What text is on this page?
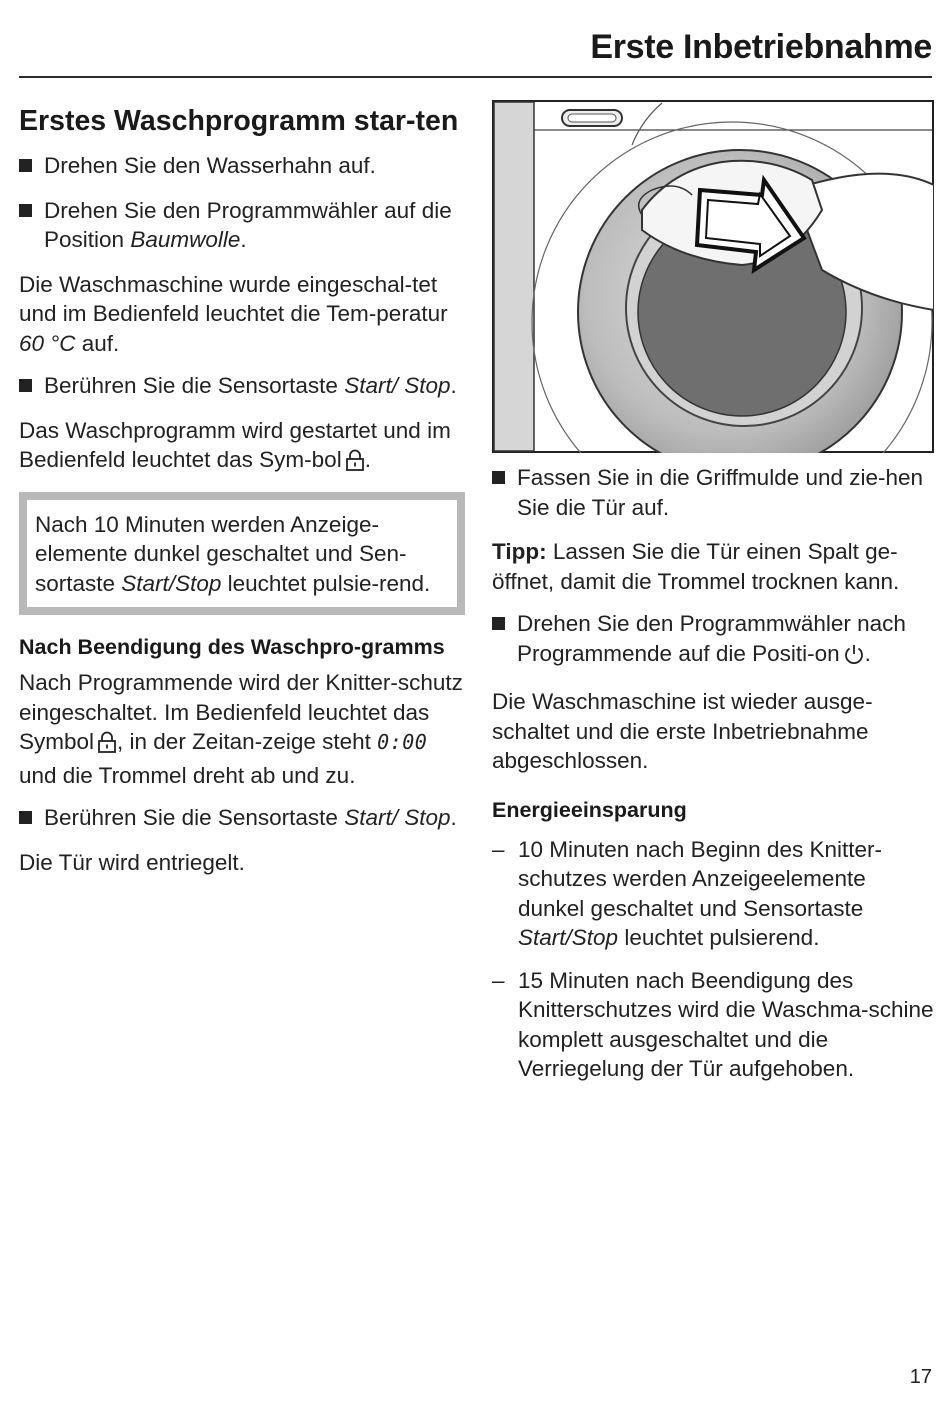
Erste Inbetriebnahme
Erstes Waschprogramm star-ten
Drehen Sie den Wasserhahn auf.
Drehen Sie den Programmwähler auf die Position Baumwolle.

Die Waschmaschine wurde eingeschal-tet und im Bedienfeld leuchtet die Tem-peratur 60 °C auf.

Berühren Sie die Sensortaste Start/ Stop.

Das Waschprogramm wird gestartet und im Bedienfeld leuchtet das Sym-bol .

Nach 10 Minuten werden Anzeige-elemente dunkel geschaltet und Sen-sortaste Start/Stop leuchtet pulsie-rend.
Nach Beendigung des Waschpro-gramms

Nach Programmende wird der Knitter-schutz eingeschaltet. Im Bedienfeld leuchtet das Symbol , in der Zeitan-zeige steht 0:00 und die Trommel dreht ab und zu.

Berühren Sie die Sensortaste Start/ Stop.

Die Tür wird entriegelt.

Fassen Sie in die Griffmulde und zie-hen Sie die Tür auf.

Tipp: Lassen Sie die Tür einen Spalt ge-öffnet, damit die Trommel trocknen kann.

Drehen Sie den Programmwähler nach Programmende auf die Positi-on .

Die Waschmaschine ist wieder ausge-schaltet und die erste Inbetriebnahme abgeschlossen.

Energieeinsparung
– 10 Minuten nach Beginn des Knitter-schutzes werden Anzeigeelemente dunkel geschaltet und Sensortaste Start/Stop leuchtet pulsierend.
– 15 Minuten nach Beendigung des Knitterschutzes wird die Waschma-schine komplett ausgeschaltet und die Verriegelung der Tür aufgehoben.
17
